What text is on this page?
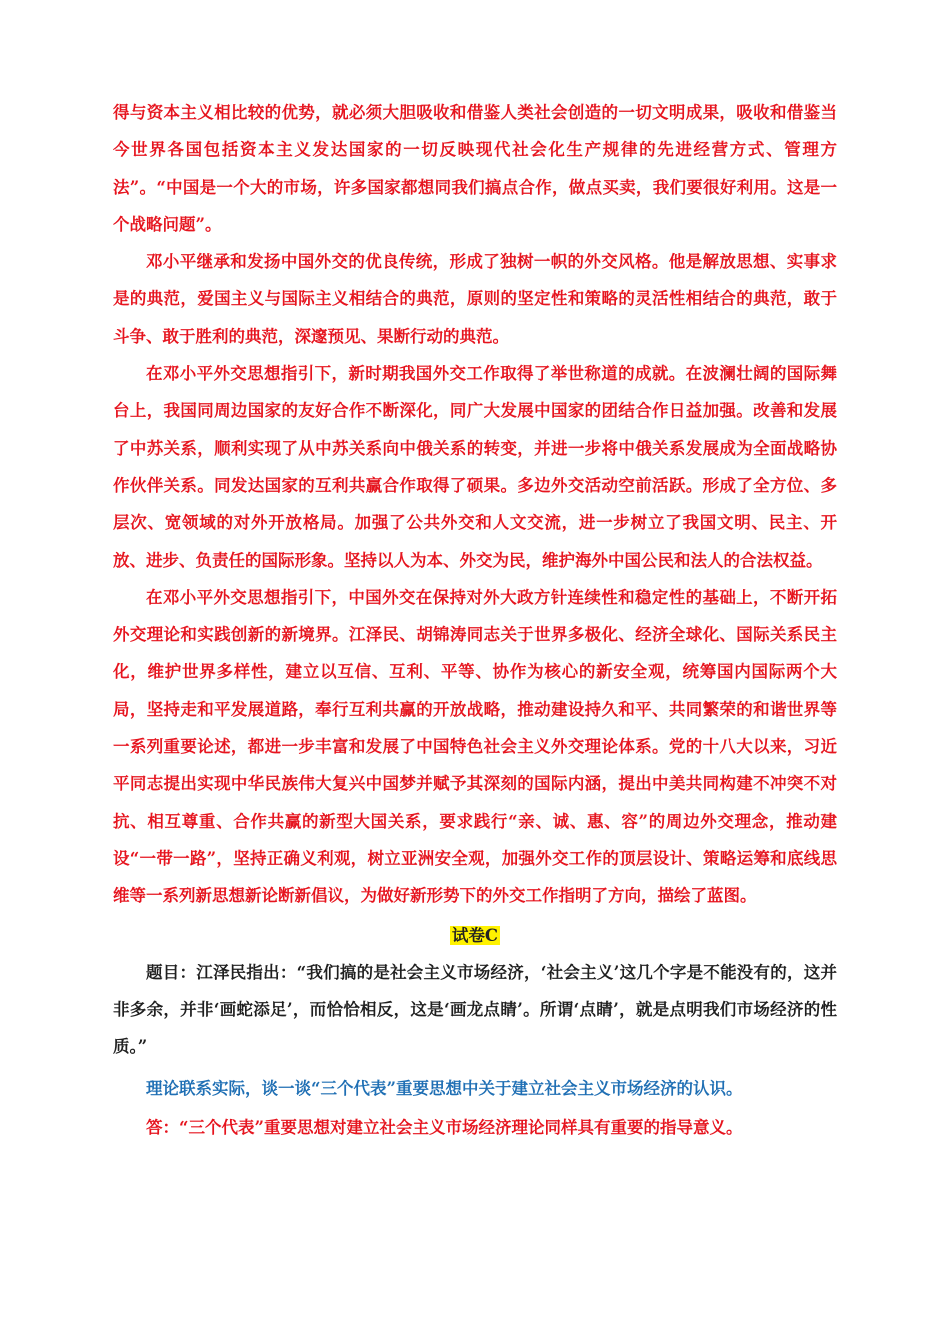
得与资本主义相比较的优势，就必须大胆吸收和借鉴人类社会创造的一切文明成果，吸收和借鉴当今世界各国包括资本主义发达国家的一切反映现代社会化生产规律的先进经营方式、管理方法”。“中国是一个大的市场，许多国家都想同我们搞点合作，做点买卖，我们要很好利用。这是一个战略问题”。

邓小平继承和发扬中国外交的优良传统，形成了独树一帜的外交风格。他是解放思想、实事求是的典范，爱国主义与国际主义相结合的典范，原则的坚定性和策略的灵活性相结合的典范，敢于斗争、敢于胜利的典范，深邃预见、果断行动的典范。

在邓小平外交思想指引下，新时期我国外交工作取得了举世称道的成就。在波澜壮阔的国际舞台上，我国同周边国家的友好合作不断深化，同广大发展中国家的团结合作日益加强。改善和发展了中苏关系，顺利实现了从中苏关系向中俄关系的转变，并进一步将中俄关系发展成为全面战略协作伙伴关系。同发达国家的互利共赢合作取得了硕果。多边外交活动空前活跃。形成了全方位、多层次、宽领域的对外开放格局。加强了公共外交和人文交流，进一步树立了我国文明、民主、开放、进步、负责任的国际形象。坚持以人为本、外交为民，维护海外中国公民和法人的合法权益。

在邓小平外交思想指引下，中国外交在保持对外大政方针连续性和稳定性的基础上，不断开拓外交理论和实践创新的新境界。江泽民、胡锦涛同志关于世界多极化、经济全球化、国际关系民主化，维护世界多样性，建立以互信、互利、平等、协作为核心的新安全观，统筹国内国际两个大局，坚持走和平发展道路，奉行互利共赢的开放战略，推动建设持久和平、共同繁荣的和谐世界等一系列重要论述，都进一步丰富和发展了中国特色社会主义外交理论体系。党的十八大以来，习近平同志提出实现中华民族伟大复兴中国梦并赋予其深刻的国际内涵，提出中美共同构建不冲突不对抗、相互尊重、合作共赢的新型大国关系，要求践行“亲、诚、惠、容”的周边外交理念，推动建设“一带一路”，坚持正确义利观，树立亚洲安全观，加强外交工作的顶层设计、策略运筹和底线思维等一系列新思想新论断新倡议，为做好新形势下的外交工作指明了方向，描绘了蓝图。

试卷C

题目：江泽民指出：“我们搞的是社会主义市场经济，‘社会主义’这几个字是不能没有的，这并非多余，并非‘画蛇添足’，而恰恰相反，这是‘画龙点睛’。所谓‘点睛’，就是点明我们市场经济的性质。”

理论联系实际，谈一谈“三个代表”重要思想中关于建立社会主义市场经济的认识。

答：“三个代表”重要思想对建立社会主义市场经济理论同样具有重要的指导意义。
